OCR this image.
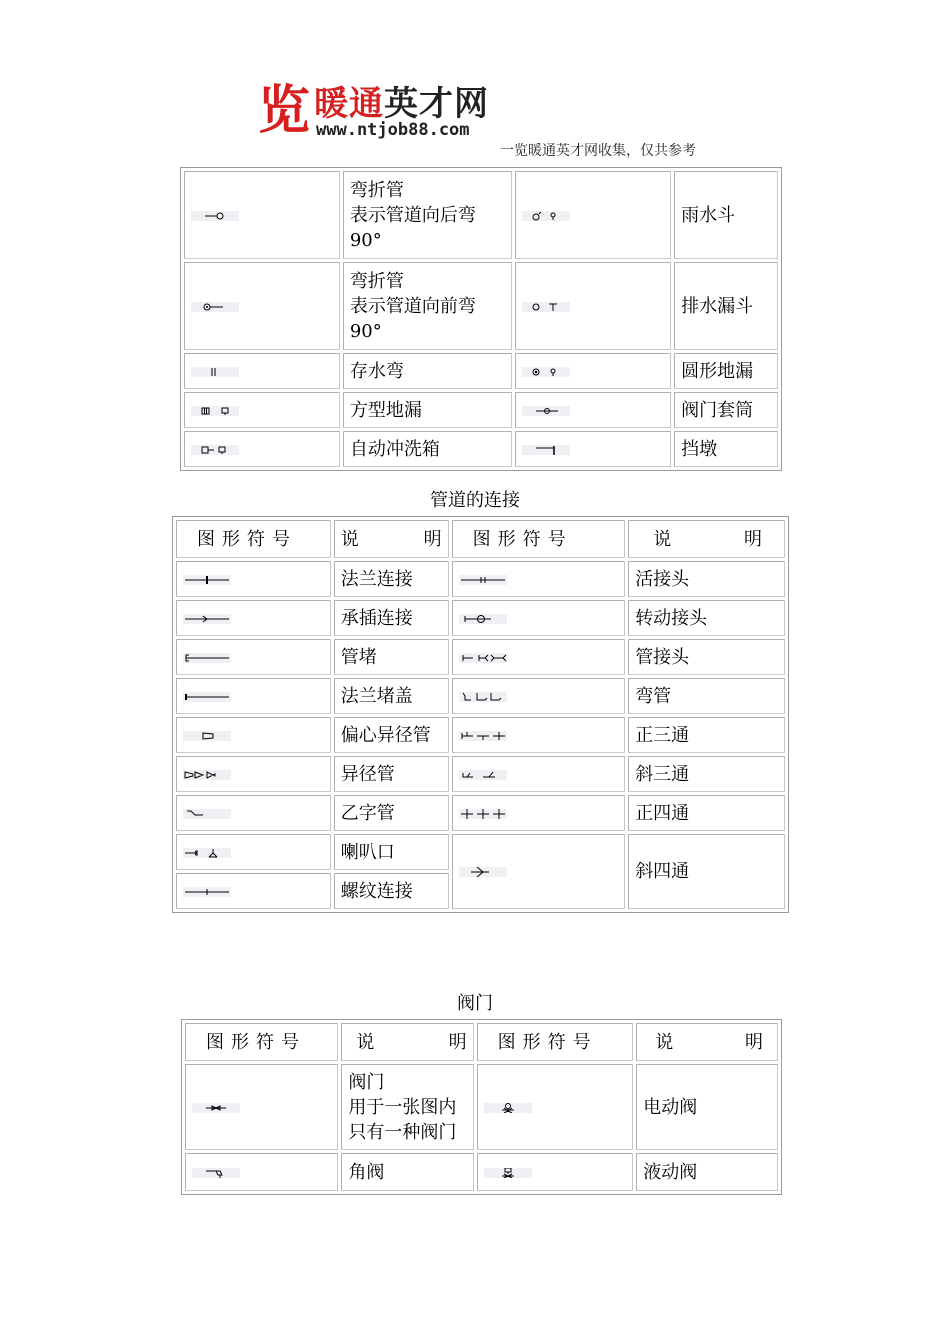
览 暖通英才网
www.ntjob88.com
一览暖通英才网收集，仅共参考

弯折管
表示管道向后弯
90°		雨水斗

弯折管
表示管道向前弯
90°		排水漏斗

	存水弯		圆形地漏

	方型地漏		阀门套筒

	自动冲洗箱		挡墩
管道的连接
图形符号	说 明	图形符号	说 明

	法兰连接		活接头

	承插连接		转动接头

	管堵		管接头

	法兰堵盖		弯管

	偏心异径管		正三通

	异径管		斜三通

	乙字管		正四通

	喇叭口		斜四通

	螺纹连接		
阀门
图形符号	说 明	图形符号	说 明

阀门
用于一张图内
只有一种阀门		电动阀

	角阀		液动阀
